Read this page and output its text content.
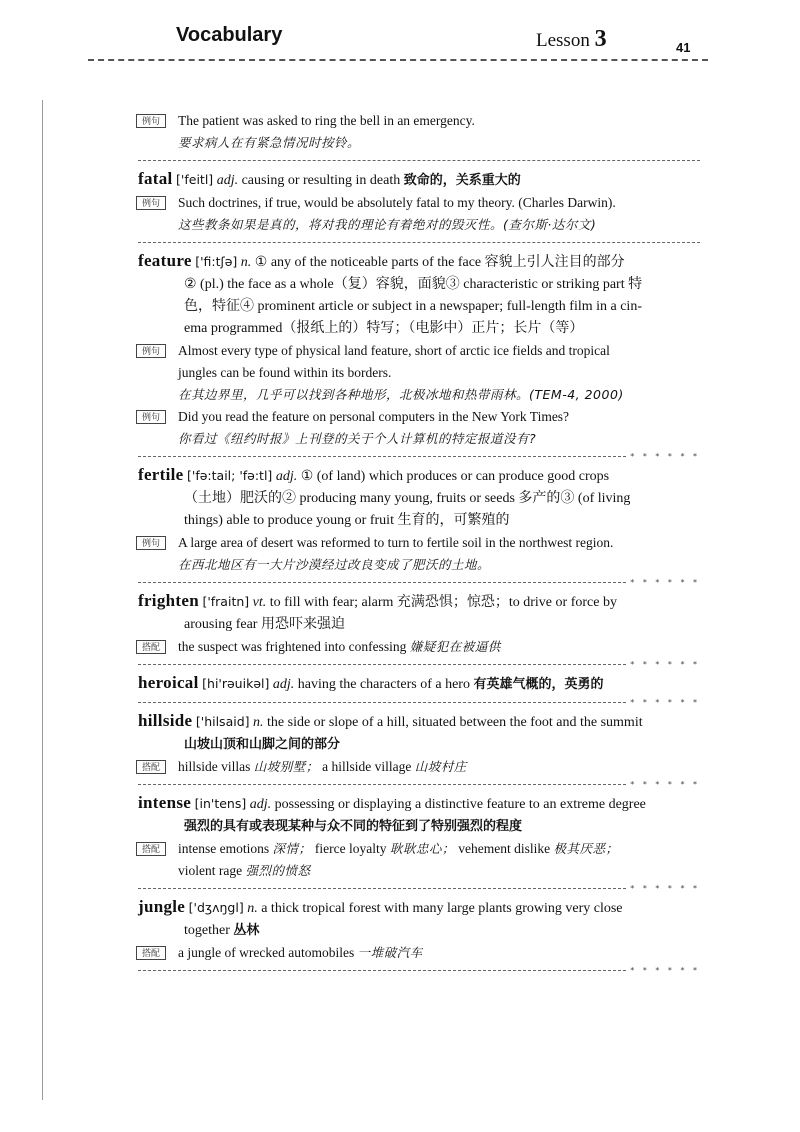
Vocabulary	Lesson 3	41
例句	The patient was asked to ring the bell in an emergency.
要求病人在有紧急情况时按铃。
fatal ['feitl] adj. causing or resulting in death 致命的，关系重大的
例句	Such doctrines, if true, would be absolutely fatal to my theory. (Charles Darwin).
这些教条如果是真的，将对我的理论有着绝对的毁灭性。(查尔斯·达尔文)
feature ['fi:tʃə] n. ① any of the noticeable parts of the face 容貌上引人注目的部分
② (pl.) the face as a whole（复）容貌，面貌③ characteristic or striking part 特
色，特征④ prominent article or subject in a newspaper; full-length film in a cin-
ema programmed（报纸上的）特写；（电影中）正片；长片（等）
例句	Almost every type of physical land feature, short of arctic ice fields and tropical
jungles can be found within its borders.
在其边界里，几乎可以找到各种地形，北极冰地和热带雨林。(TEM-4, 2000)
例句	Did you read the feature on personal computers in the New York Times?
你看过《纽约时报》上刊登的关于个人计算机的特定报道没有?
* * * * * *
fertile ['fə:tail; 'fə:tl] adj. ① (of land) which produces or can produce good crops
（土地）肥沃的② producing many young, fruits or seeds 多产的③ (of living
things) able to produce young or fruit 生育的，可繁殖的
例句	A large area of desert was reformed to turn to fertile soil in the northwest region.
在西北地区有一大片沙漠经过改良变成了肥沃的土地。
* * * * * *
frighten ['fraitn] vt. to fill with fear; alarm 充满恐惧；惊恐；to drive or force by
arousing fear 用恐吓来强迫
搭配	the suspect was frightened into confessing 嫌疑犯在被逼供
* * * * * *
heroical [hi'rəuikəl] adj. having the characters of a hero 有英雄气概的，英勇的
* * * * * *
hillside ['hilsaid] n. the side or slope of a hill, situated between the foot and the summit
山坡山顶和山脚之间的部分
搭配	hillside villas 山坡别墅； a hillside village 山坡村庄
* * * * * *
intense [in'tens] adj. possessing or displaying a distinctive feature to an extreme degree
强烈的具有或表现某种与众不同的特征到了特别强烈的程度
搭配	intense emotions 深情； fierce loyalty 耿耿忠心； vehement dislike 极其厌恶；
violent rage 强烈的愤怒
* * * * * *
jungle ['dʒʌŋgl] n. a thick tropical forest with many large plants growing very close
together 丛林
搭配	a jungle of wrecked automobiles 一堆破汽车
* * * * * *
